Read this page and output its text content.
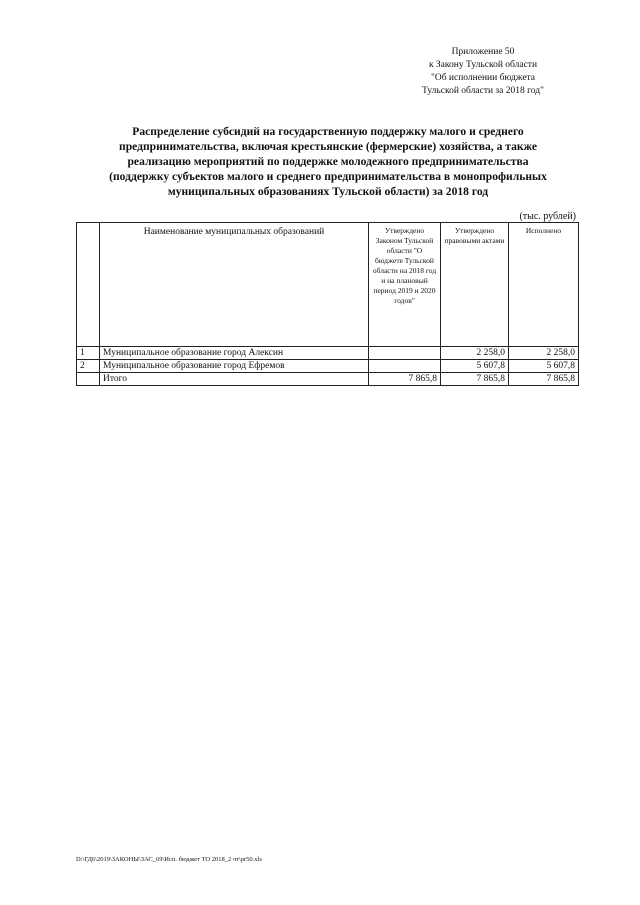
Приложение 50
к Закону Тульской области
"Об исполнении бюджета
Тульской области за 2018 год"
Распределение субсидий на государственную поддержку малого и среднего
предпринимательства, включая крестьянские (фермерские) хозяйства, а также
реализацию мероприятий по поддержке молодежного предпринимательства
(поддержку субъектов малого и среднего предпринимательства в монопрофильных
муниципальных образованиях Тульской области) за 2018 год
(тыс. рублей)
	Наименование муниципальных образований	Утверждено Законом Тульской области "О бюджете Тульской области на 2018 год и на плановый период 2019 и 2020 годов"	Утверждено правовыми актами	Исполнено
1	Муниципальное образование город Алексин		2 258,0	2 258,0
2	Муниципальное образование город Ефремов		5 607,8	5 607,8
	Итого	7 865,8	7 865,8	7 865,8
D:\ГД6\2019\ЗАКОНЫ\ЗАС_69\Исп. бюджет ТО 2018_2 чт\pr50.xls
